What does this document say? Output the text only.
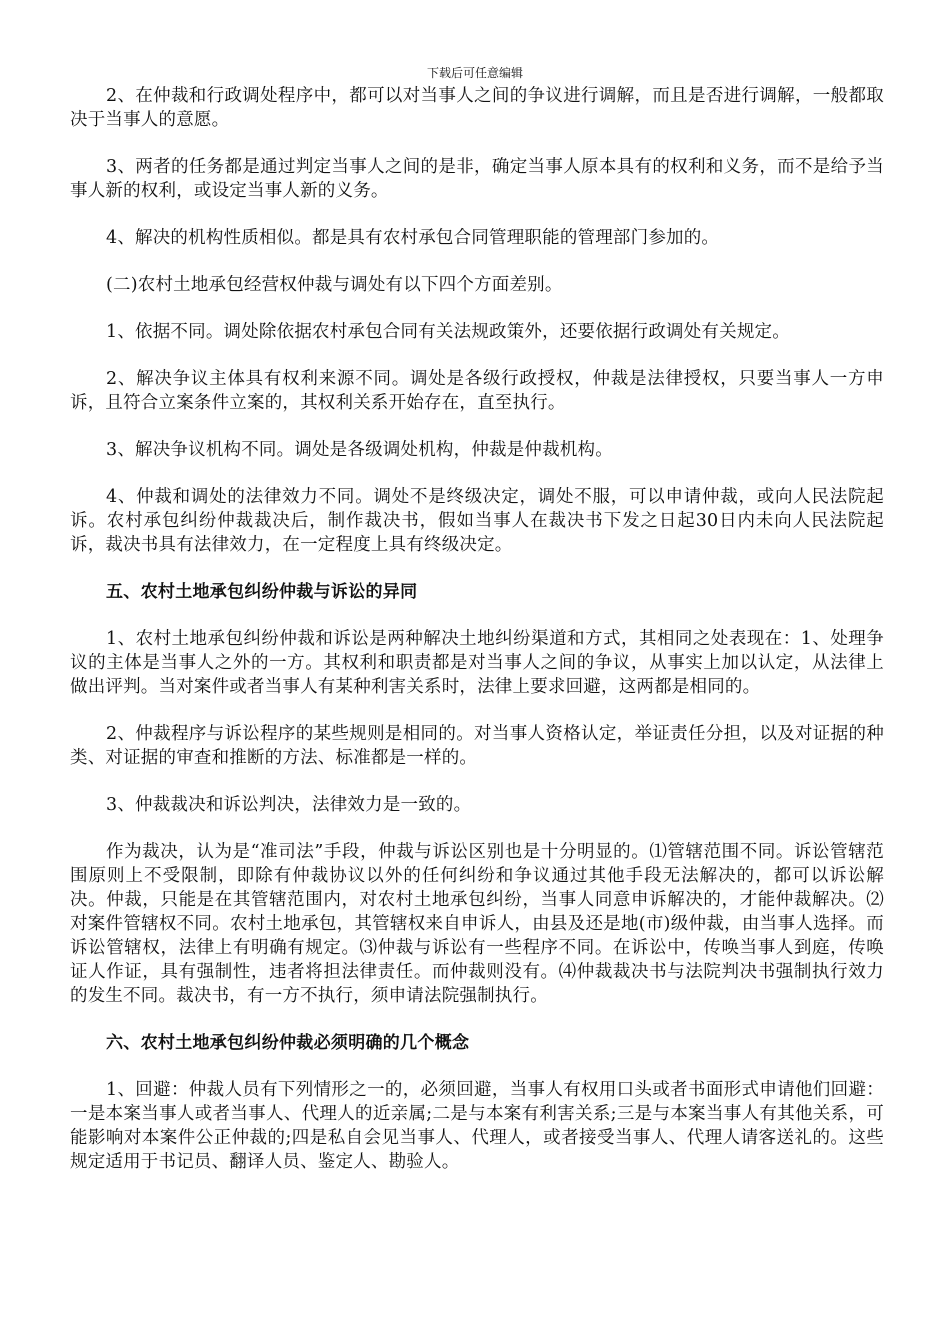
下载后可任意编辑

2、在仲裁和行政调处程序中，都可以对当事人之间的争议进行调解，而且是否进行调解，一般都取决于当事人的意愿。

3、两者的任务都是通过判定当事人之间的是非，确定当事人原本具有的权利和义务，而不是给予当事人新的权利，或设定当事人新的义务。

4、解决的机构性质相似。都是具有农村承包合同管理职能的管理部门参加的。

(二)农村土地承包经营权仲裁与调处有以下四个方面差别。

1、依据不同。调处除依据农村承包合同有关法规政策外，还要依据行政调处有关规定。

2、解决争议主体具有权利来源不同。调处是各级行政授权，仲裁是法律授权，只要当事人一方申诉，且符合立案条件立案的，其权利关系开始存在，直至执行。

3、解决争议机构不同。调处是各级调处机构，仲裁是仲裁机构。

4、仲裁和调处的法律效力不同。调处不是终级决定，调处不服，可以申请仲裁，或向人民法院起诉。农村承包纠纷仲裁裁决后，制作裁决书，假如当事人在裁决书下发之日起30日内未向人民法院起诉，裁决书具有法律效力，在一定程度上具有终级决定。

五、农村土地承包纠纷仲裁与诉讼的异同

1、农村土地承包纠纷仲裁和诉讼是两种解决土地纠纷渠道和方式，其相同之处表现在：1、处理争议的主体是当事人之外的一方。其权利和职责都是对当事人之间的争议，从事实上加以认定，从法律上做出评判。当对案件或者当事人有某种利害关系时，法律上要求回避，这两都是相同的。

2、仲裁程序与诉讼程序的某些规则是相同的。对当事人资格认定，举证责任分担，以及对证据的种类、对证据的审查和推断的方法、标准都是一样的。

3、仲裁裁决和诉讼判决，法律效力是一致的。

作为裁决，认为是“准司法”手段，仲裁与诉讼区别也是十分明显的。⑴管辖范围不同。诉讼管辖范围原则上不受限制，即除有仲裁协议以外的任何纠纷和争议通过其他手段无法解决的，都可以诉讼解决。仲裁，只能是在其管辖范围内，对农村土地承包纠纷，当事人同意申诉解决的，才能仲裁解决。⑵对案件管辖权不同。农村土地承包，其管辖权来自申诉人，由县及还是地(市)级仲裁，由当事人选择。而诉讼管辖权，法律上有明确有规定。⑶仲裁与诉讼有一些程序不同。在诉讼中，传唤当事人到庭，传唤证人作证，具有强制性，违者将担法律责任。而仲裁则没有。⑷仲裁裁决书与法院判决书强制执行效力的发生不同。裁决书，有一方不执行，须申请法院强制执行。

六、农村土地承包纠纷仲裁必须明确的几个概念

1、回避：仲裁人员有下列情形之一的，必须回避，当事人有权用口头或者书面形式申请他们回避：一是本案当事人或者当事人、代理人的近亲属;二是与本案有利害关系;三是与本案当事人有其他关系，可能影响对本案件公正仲裁的;四是私自会见当事人、代理人，或者接受当事人、代理人请客送礼的。这些规定适用于书记员、翻译人员、鉴定人、勘验人。
